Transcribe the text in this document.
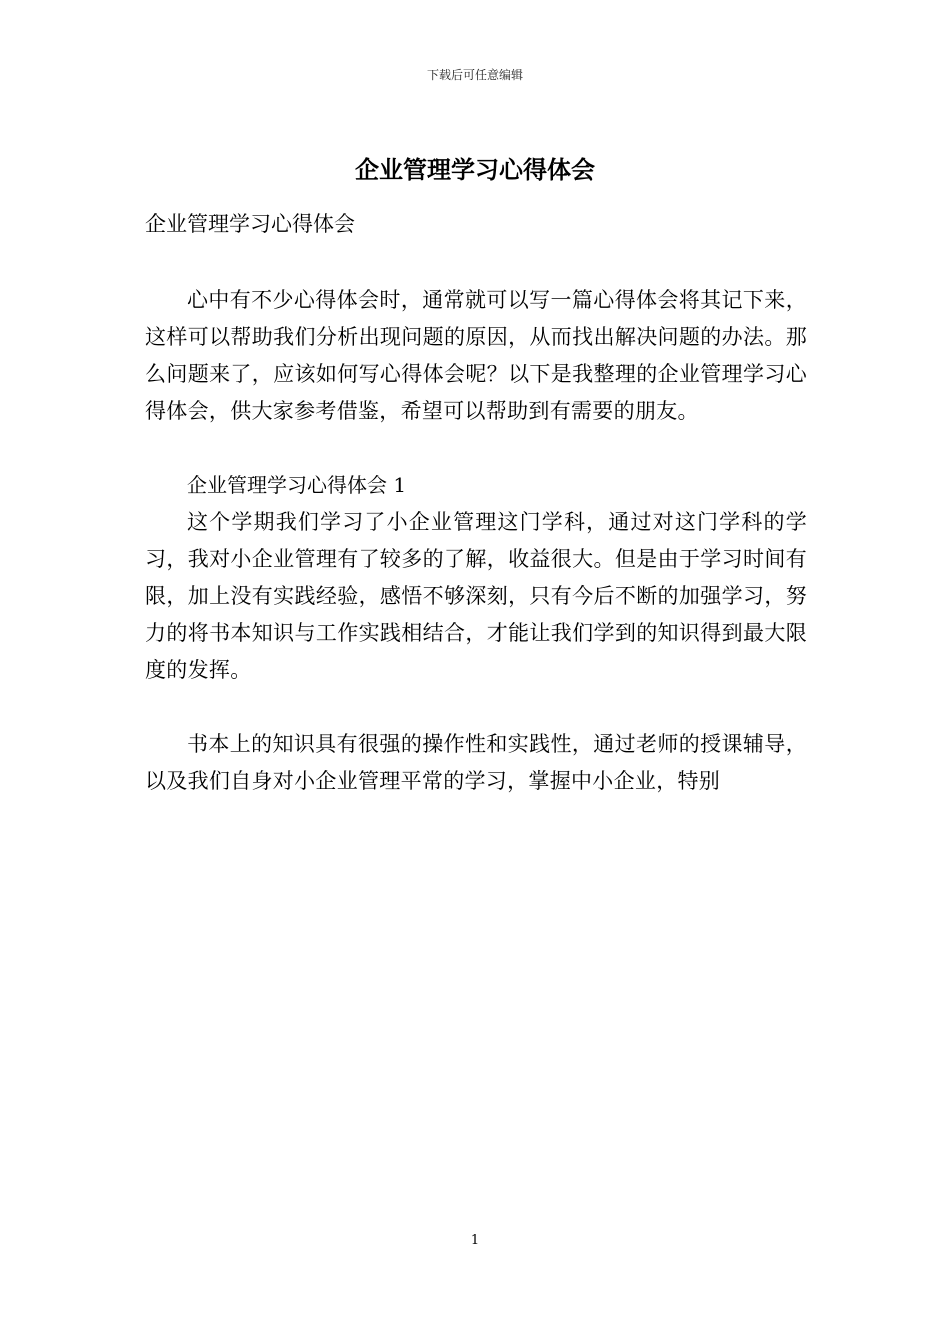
下载后可任意编辑
企业管理学习心得体会

企业管理学习心得体会

心中有不少心得体会时，通常就可以写一篇心得体会将其记下来，这样可以帮助我们分析出现问题的原因，从而找出解决问题的办法。那么问题来了，应该如何写心得体会呢？以下是我整理的企业管理学习心得体会，供大家参考借鉴，希望可以帮助到有需要的朋友。

企业管理学习心得体会 1

这个学期我们学习了小企业管理这门学科，通过对这门学科的学习，我对小企业管理有了较多的了解，收益很大。但是由于学习时间有限，加上没有实践经验，感悟不够深刻，只有今后不断的加强学习，努力的将书本知识与工作实践相结合，才能让我们学到的知识得到最大限度的发挥。

书本上的知识具有很强的操作性和实践性，通过老师的授课辅导，以及我们自身对小企业管理平常的学习，掌握中小企业，特别

1
